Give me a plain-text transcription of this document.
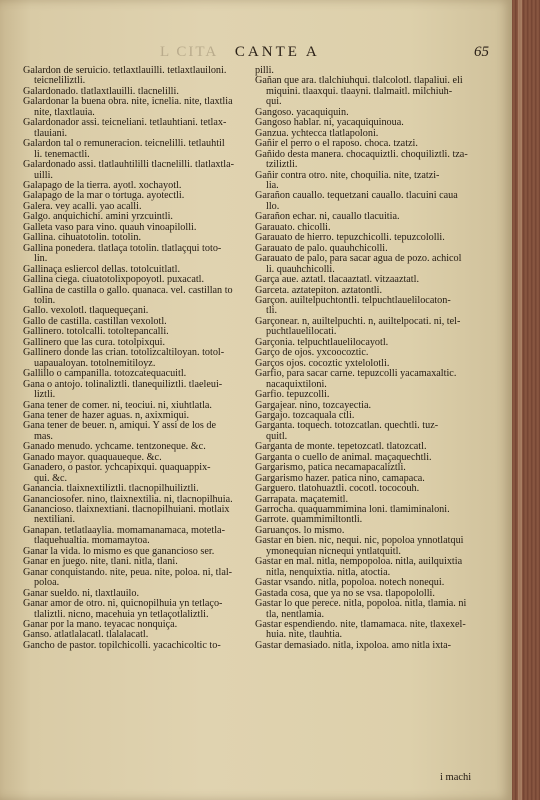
L CITA CANTE A	65

Galardon de seruicio. tetlaxtlauilli. tetlaxtlauiloni.
teicneliliztli.

Galardonado. tlatlaxtlauilli. tlacnelilli.

Galardonar la buena obra. nite, icnelia. nite, tlaxtlia
nite, tlaxtlauia.

Galardonador assi. teicneliani. tetlauhtiani. tetlax-
tlauiani.

Galardon tal o remuneracion. teicnelilli. tetlauhtil
li. tenemactli.

Galardonado assi. tlatlauhtililli tlacnelilli. tlatlaxtla-
uilli.

Galapago de la tierra. ayotl. xochayotl.

Galapago de la mar o tortuga. ayotectli.

Galera. vey acalli. yao acalli.

Galgo. anquichichi. amini yrzcuintli.

Galleta vaso para vino. quauh vinoapilolli.

Gallina. cihuatotolin. totolin.

Gallina ponedera. tlatlaça totolin. tlatlaçqui toto-
lin.

Gallinaça esliercol dellas. totolcuitlatl.

Gallina ciega. ciuatotolixpopoyotl. puxacatl.

Gallina de castilla o gallo. quanaca. vel. castillan to
tolin.

Gallo. vexolotl. tlaquequeçani.

Gallo de castilla. castillan vexolotl.

Gallinero. totolcalli. totoltepancalli.

Gallinero que las cura. totolpixqui.

Gallinero donde las crian. totolizcaltiloyan. totol-
uapaualoyan. totolnemitiloyz.

Gallillo o campanilla. totozcatequacuitl.

Gana o antojo. tolinaliztli. tlanequiliztli. tlaeleui-
liztli.

Gana tener de comer. ni, teociui. ni, xiuhtlatla.

Gana tener de hazer aguas. n, axixmiqui.

Gana tener de beuer. n, amiqui. Y assi de los de
mas.

Ganado menudo. ychcame. tentzoneque. &c.

Ganado mayor. quaquaueque. &c.

Ganadero, o pastor. ychcapixqui. quaquappix-
qui. &c.

Ganancia. tlaixnextiliztli. tlacnopilhuiliztli.

Gananciosofer. nino, tlaixnextilia. ni, tlacnopilhuia.

Ganancioso. tlaixnextiani. tlacnopilhuiani. motlaix
nextiliani.

Ganapan. tetlatlaaylia. momamanamaca, motetla-
tlaquehualtia. momamaytoa.

Ganar la vida. lo mismo es que ganancioso ser.

Ganar en juego. nite, tlani. nitla, tlani.

Ganar conquistando. nite, peua. nite, poloa. ni, tlal-
poloa.

Ganar sueldo. ni, tlaxtlauilo.

Ganar amor de otro. ni, quicnopilhuia yn tetlaço-
tlaliztli. nicno, macehuia yn tetlaçotlaliztli.

Ganar por la mano. teyacac nonquiça.

Ganso. atlatlalacatl. tlalalacatl.

Gancho de pastor. topilchicolli. yacachicoltic to-

pilli.

Gañan que ara. tlalchiuhqui. tlalcolotl. tlapaliui. eli
miquini. tlaaxqui. tlaayni. tlalmaitl. milchiuh-
qui.

Gangoso. yacaquiquin.

Gangoso hablar. ni, yacaquiquinoua.

Ganzua. ychtecca tlatlapoloni.

Gañir el perro o el raposo. choca. tzatzi.

Gañido desta manera. chocaquiztli. choquiliztli. tza-
tziliztli.

Gañir contra otro. nite, choquilia. nite, tzatzi-
lia.

Garañon cauallo. tequetzani cauallo. tlacuini caua
llo.

Garañon echar. ni, cauallo tlacuitia.

Garauato. chicolli.

Garauato de hierro. tepuzchicolli. tepuzcololli.

Garauato de palo. quauhchicolli.

Garauato de palo, para sacar agua de pozo. achicol
li. quauhchicolli.

Garça aue. aztatl. tlacaaztatl. vitzaaztatl.

Garceta. aztatepiton. aztatontli.

Garçon. auiltelpuchtontli. telpuchtlauelilocaton-
tli.

Garçonear. n, auiltelpuchti. n, auiltelpocati. ni, tel-
puchtlauelilocati.

Garçonia. telpuchtlauelilocayotl.

Garço de ojos. yxcoocoztic.

Garços ojos. cocoztic yxtelolotli.

Garfio, para sacar carne. tepuzcolli yacamaxaltic.
nacaquixtiloni.

Garfio. tepuzcolli.

Gargajear. nino, tozcayectia.

Gargajo. tozcaquala ctli.

Garganta. toquech. totozcatlan. quechtli. tuz-
quitl.

Garganta de monte. tepetozcatl. tlatozcatl.

Garganta o cuello de animal. maçaquechtli.

Gargarismo, patica necamapacaliztli.

Gargarismo hazer. patica nino, camapaca.

Garguero. tlatohuaztli. cocotl. tococouh.

Garrapata. maçatemitl.

Garrocha. quaquammimina loni. tlamiminaloni.

Garrote. quammimiltontli.

Garuanços. lo mismo.

Gastar en bien. nic, nequi. nic, popoloa ynnotlatqui
ymonequian nicnequi yntlatquitl.

Gastar en mal. nitla, nempopoloa. nitla, auilquixtia
nitla, nenquixtia. nitla, atoctia.

Gastar vsando. nitla, popoloa. notech nonequi.

Gastada cosa, que ya no se vsa. tlapopololli.

Gastar lo que perece. nitla, popoloa. nitla, tlamia. ni
tla, nentlamia.

Gastar espendiendo. nite, tlamamaca. nite, tlaxexel-
huia. nite, tlauhtia.

Gastar demasiado. nitla, ixpoloa. amo nitla ixta-

i machi
